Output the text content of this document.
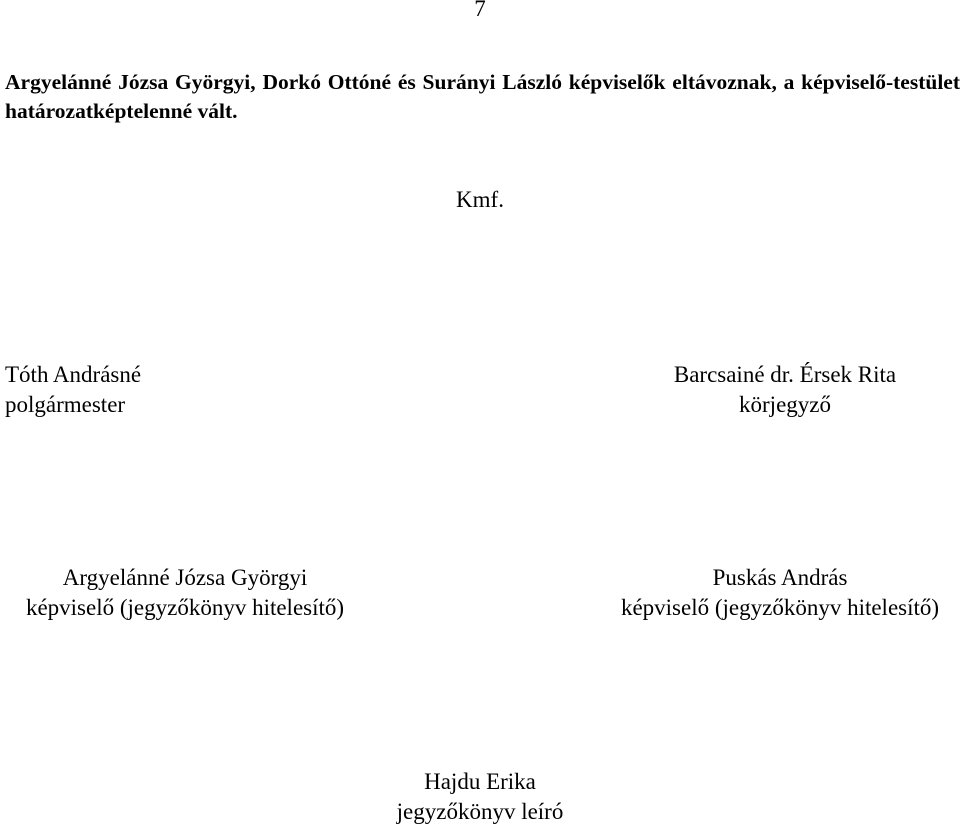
7
Argyelánné Józsa Györgyi, Dorkó Ottóné és Surányi László képviselők eltávoznak, a képviselő-testület határozatképtelenné vált.
Kmf.
Tóth Andrásné
polgármester
Barcsainé dr. Érsek Rita
körjegyző
Argyelánné Józsa Györgyi
képviselő (jegyzőkönyv hitelesítő)
Puskás András
képviselő (jegyzőkönyv hitelesítő)
Hajdu Erika
jegyzőkönyv leíró
